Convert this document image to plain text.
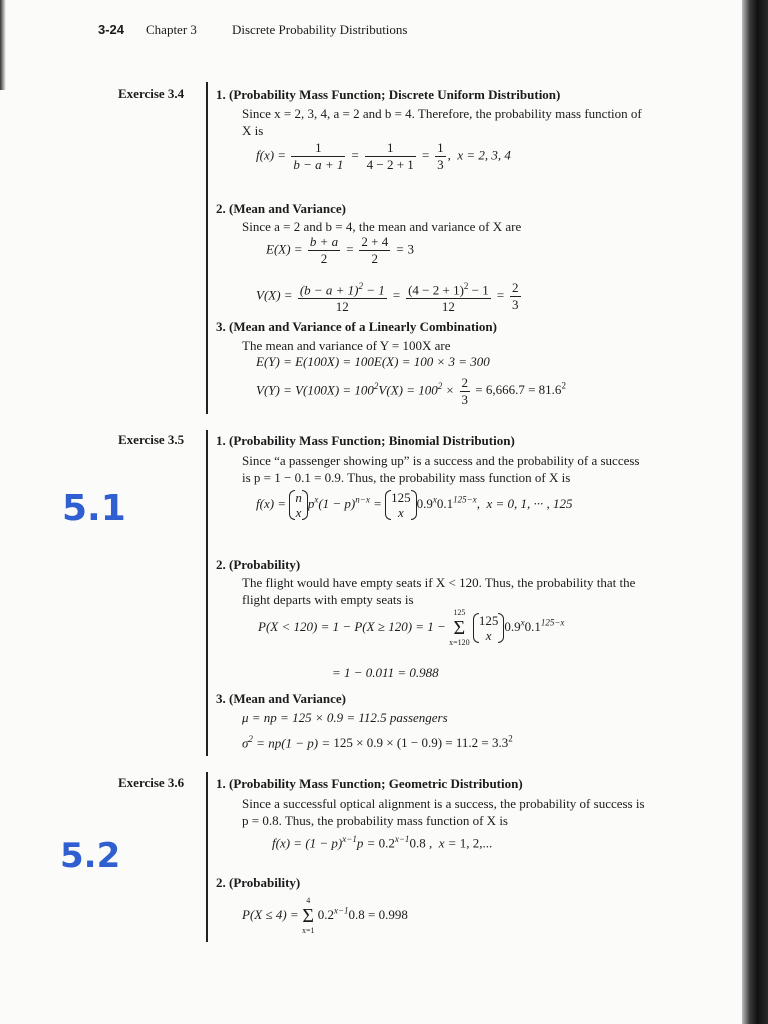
3-24 Chapter 3	Discrete Probability Distributions
Exercise 3.4 1. (Probability Mass Function; Discrete Uniform Distribution)
Since x = 2, 3, 4, a = 2 and b = 4. Therefore, the probability mass function of
X is
$f(x) = \frac{1}{b - a + 1} = \frac{1}{4 - 2 + 1} = \frac{1}{3}$ ,  x = 2, 3, 4
2. (Mean and Variance)
Since a = 2 and b = 4, the mean and variance of X are
$E(X) = \frac{b + a}{2} = \frac{2 + 4}{2} = 3$
$V(X) = \frac{(b - a + 1)^2 - 1}{12} = \frac{(4 - 2 + 1)^2 - 1}{12} = \frac{2}{3}$
3. (Mean and Variance of a Linearly Combination)
The mean and variance of Y = 100X are
E(Y) = E(100X) = 100E(X) = 100 × 3 = 300
$V(Y) = V(100X) = 100^2V(X) = 100^2 \times \frac{2}{3} = 6,666.7 = 81.6^2$
Exercise 3.5
5.1
1. (Probability Mass Function; Binomial Distribution)
Since “a passenger showing up” is a success and the probability of a success
is p = 1 − 0.1 = 0.9. Thus, the probability mass function of X is
f(x) = n
$xp^x(1 - p)^{n-x} = 125$
$x0.9^x0.1^{125-x}$,  x = 0, 1, ··· , 125
2. (Probability)
The flight would have empty seats if X < 120. Thus, the probability that the
flight departs with empty seats is
P(X < 120) = 1 − P(X ≥ 120) = 1 −
125
Σ
x=120
125
$x0.9^x0.1^{125-x}$
= 1 − 0.011 = 0.988
3. (Mean and Variance)
μ = np = 125 × 0.9 = 112.5 passengers
$\sigma^2 = np(1 - p) = 125 \times 0.9 \times (1 - 0.9) = 11.2 = 3.3^2$
Exercise 3.6
5.2
1. (Probability Mass Function; Geometric Distribution)
Since a successful optical alignment is a success, the probability of success is
p = 0.8. Thus, the probability mass function of X is
$f(x) = (1 - p)^{x-1}p = 0.2^{x-1}0.8$ ,  x = 1, 2,...
2. (Probability)
P(X ≤ 4) =
4
Σ
x=1
$0.2^{x-1}0.8 = 0.998$
